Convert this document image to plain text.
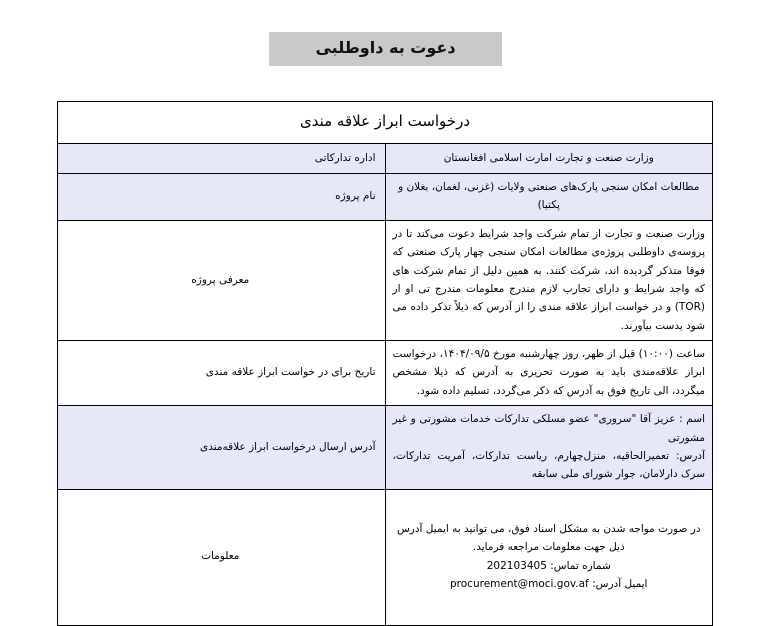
دعوت به داوطلبی
درخواست ابراز علاقه مندی	
وزارت صنعت و تجارت امارت اسلامی افغانستان	اداره تدارکاتی
مطالعات امکان سنجی پارک‌های صنعتی ولایات (غزنی، لغمان، بغلان و پکتیا)	نام پروژه
وزارت صنعت و تجارت از تمام شرکت واجد شرایط دعوت می‌کند تا در پروسه‌ی داوطلبی پروژه‌ی مطالعات امکان سنجی چهار پارک صنعتی که فوقا متذکر گردیده اند، شرکت کنند. به همین دلیل از تمام شرکت های که واجد شرایط و دارای تجارب لازم مندرج معلومات مندرج تی او ار (TOR) و در خواست ابراز علاقه مندی را از آدرس که ذیلاً تذکر داده می شود یدست بیآورند.	معرفی پروژه
ساعت (۱۰:۰۰) قبل از ظهر، روز چهارشنبه مورخ ۱۴۰۴/۰۹/۵، درخواست ابراز علاقه‌مندی باید به صورت تحریری به آدرس که ذیلا مشخص میگردد، الی تاریخ فوق به آدرس که ذکر می‌گردد، تسلیم داده شود.	تاریخ برای در خواست ابراز علاقه مندی

اسم : عزیز آقا "سروری" عضو مسلکی تدارکات خدمات مشورتی و غیر مشورتی
آدرس: تعمیرالحاقیه، منزل‌چهارم، ریاست تدارکات، آمریت تدارکات، سرک دارلامان، جوار شورای ملی سابقه	آدرس ارسال درخواست ابراز علاقه‌مندی

در صورت مواجه شدن به مشکل اسناد فوق، می توانید به ایمیل آدرس ذیل جهت معلومات مراجعه فرماید.
شماره تماس: 202103405
ایمیل آدرس: procurement@moci.gov.af	معلومات
